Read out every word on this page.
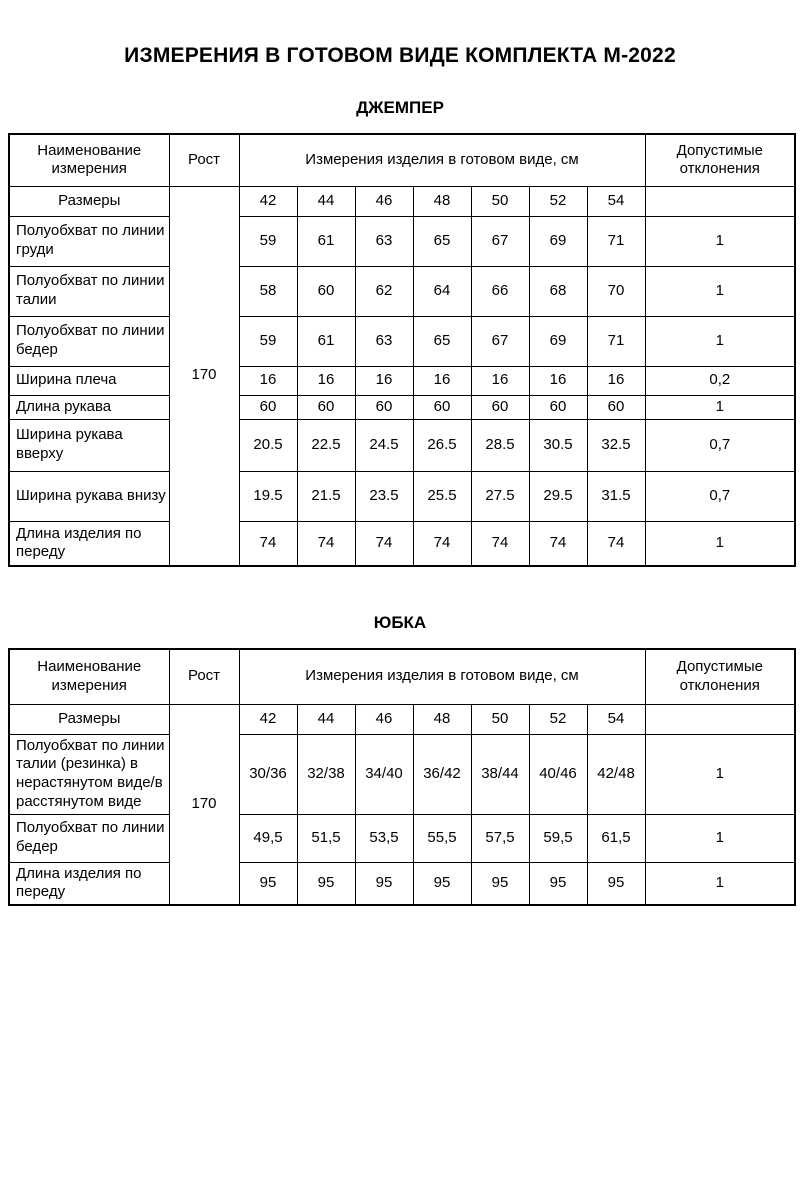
ИЗМЕРЕНИЯ В ГОТОВОМ ВИДЕ КОМПЛЕКТА М-2022
ДЖЕМПЕР
Наименование измерения	Рост	Измерения изделия в готовом виде, см							Допустимые отклонения
Размеры	170	42	44	46	48	50	52	54	
Полуобхват по линии груди		59	61	63	65	67	69	71	1
Полуобхват по линии талии		58	60	62	64	66	68	70	1
Полуобхват по линии бедер		59	61	63	65	67	69	71	1
Ширина плеча		16	16	16	16	16	16	16	0,2
Длина рукава		60	60	60	60	60	60	60	1
Ширина рукава вверху		20.5	22.5	24.5	26.5	28.5	30.5	32.5	0,7
Ширина рукава внизу		19.5	21.5	23.5	25.5	27.5	29.5	31.5	0,7
Длина изделия по переду		74	74	74	74	74	74	74	1
ЮБКА
Наименование измерения	Рост	Измерения изделия в готовом виде, см							Допустимые отклонения
Размеры	170	42	44	46	48	50	52	54	
Полуобхват по линии талии (резинка) в нерастянутом виде/в расстянутом виде		30/36	32/38	34/40	36/42	38/44	40/46	42/48	1
Полуобхват по линии бедер		49,5	51,5	53,5	55,5	57,5	59,5	61,5	1
Длина изделия по переду		95	95	95	95	95	95	95	1
